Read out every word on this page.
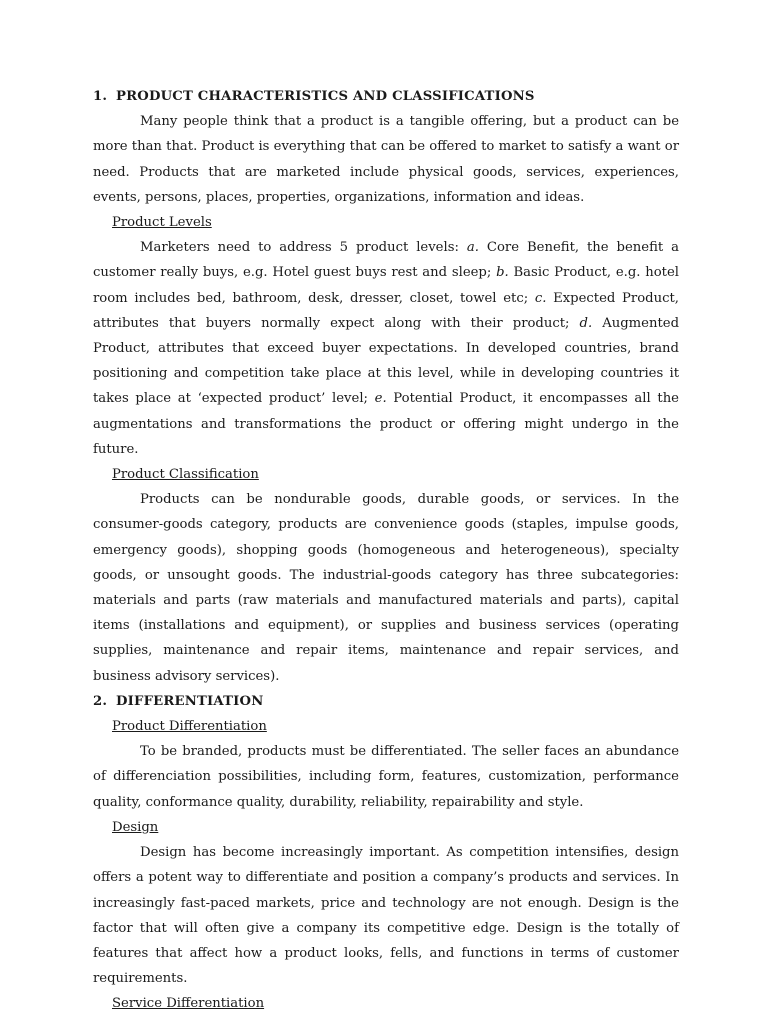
1. PRODUCT CHARACTERISTICS AND CLASSIFICATIONS

Many people think that a product is a tangible offering, but a product can be more than that. Product is everything that can be offered to market to satisfy a want or need. Products that are marketed include physical goods, services, experiences, events, persons, places, properties, organizations, information and ideas.

Product Levels

Marketers need to address 5 product levels: a. Core Benefit, the benefit a customer really buys, e.g. Hotel guest buys rest and sleep; b. Basic Product, e.g. hotel room includes bed, bathroom, desk, dresser, closet, towel etc; c. Expected Product, attributes that buyers normally expect along with their product; d. Augmented Product, attributes that exceed buyer expectations. In developed countries, brand positioning and competition take place at this level, while in developing countries it takes place at ‘expected product’ level; e. Potential Product, it encompasses all the augmentations and transformations the product or offering might undergo in the future.

Product Classification

Products can be nondurable goods, durable goods, or services. In the consumer-goods category, products are convenience goods (staples, impulse goods, emergency goods), shopping goods (homogeneous and heterogeneous), specialty goods, or unsought goods. The industrial-goods category has three subcategories: materials and parts (raw materials and manufactured materials and parts), capital items (installations and equipment), or supplies and business services (operating supplies, maintenance and repair items, maintenance and repair services, and business advisory services).

2. DIFFERENTIATION
Product Differentiation

To be branded, products must be differentiated. The seller faces an abundance of differenciation possibilities, including form, features, customization, performance quality, conformance quality, durability, reliability, repairability and style.

Design

Design has become increasingly important. As competition intensifies, design offers a potent way to differentiate and position a company’s products and services. In increasingly fast-paced markets, price and technology are not enough. Design is the factor that will often give a company its competitive edge. Design is the totally of features that affect how a product looks, fells, and functions in terms of customer requirements.

Service Differentiation
